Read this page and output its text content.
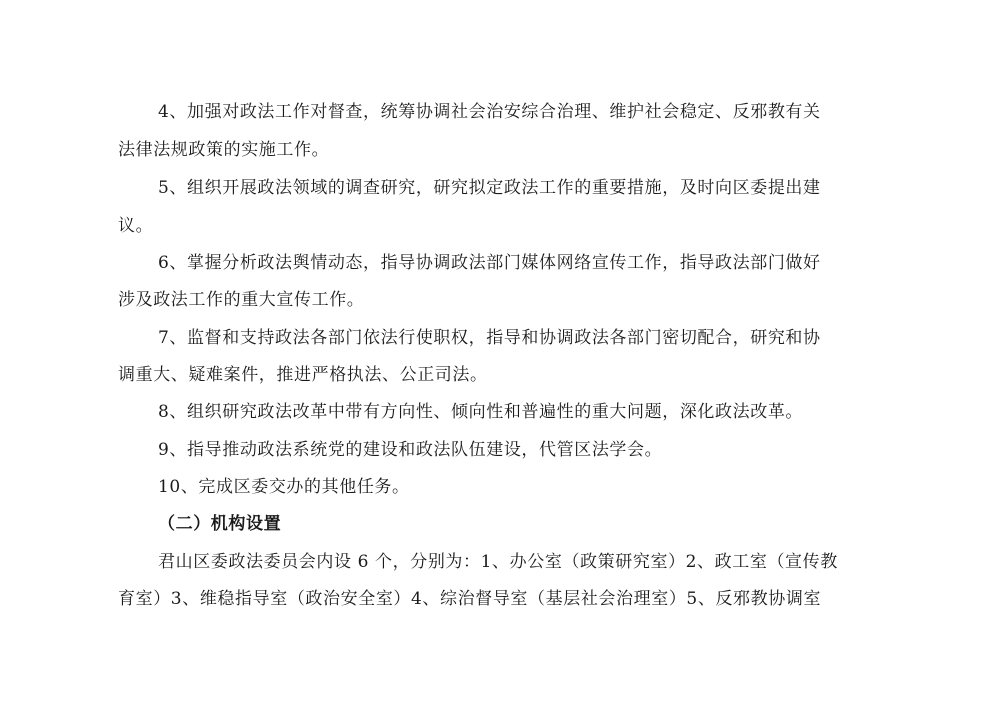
4、加强对政法工作对督查，统筹协调社会治安综合治理、维护社会稳定、反邪教有关
法律法规政策的实施工作。
5、组织开展政法领域的调查研究，研究拟定政法工作的重要措施，及时向区委提出建
议。
6、掌握分析政法舆情动态，指导协调政法部门媒体网络宣传工作，指导政法部门做好
涉及政法工作的重大宣传工作。
7、监督和支持政法各部门依法行使职权，指导和协调政法各部门密切配合，研究和协
调重大、疑难案件，推进严格执法、公正司法。
8、组织研究政法改革中带有方向性、倾向性和普遍性的重大问题，深化政法改革。
9、指导推动政法系统党的建设和政法队伍建设，代管区法学会。
10、完成区委交办的其他任务。
（二）机构设置
君山区委政法委员会内设 6 个，分别为：1、办公室（政策研究室）2、政工室（宣传教
育室）3、维稳指导室（政治安全室）4、综治督导室（基层社会治理室）5、反邪教协调室
